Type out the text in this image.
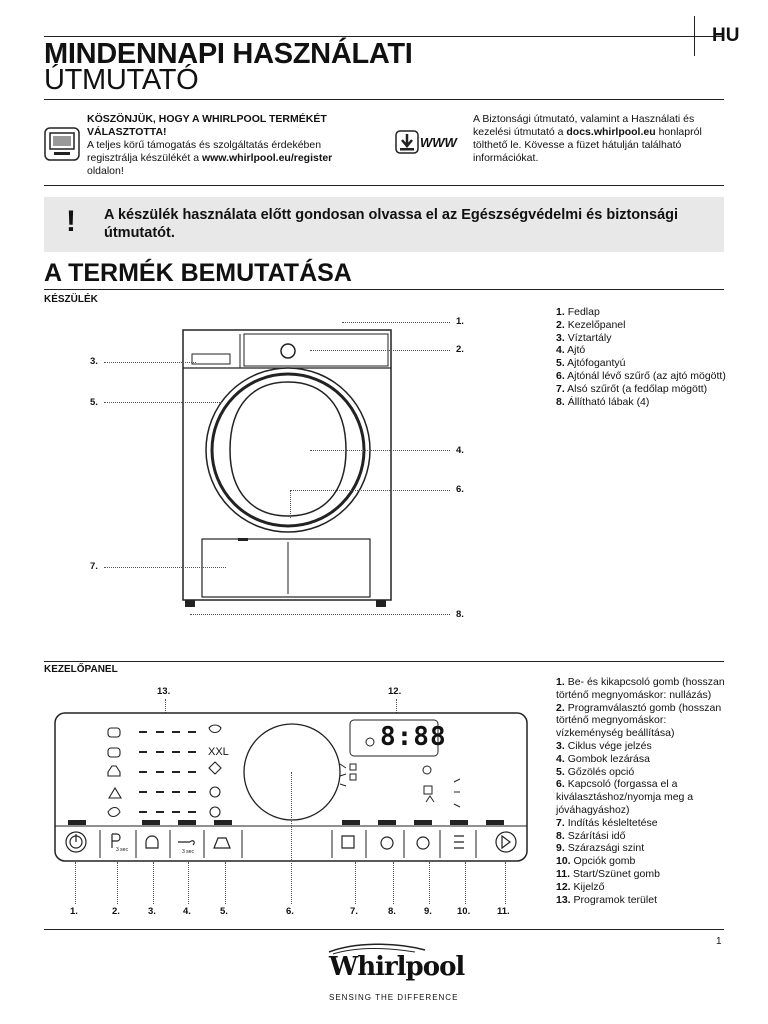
HU
MINDENNAPI HASZNÁLATI
ÚTMUTATÓ
KÖSZÖNJÜK, HOGY A WHIRLPOOL TERMÉKÉT VÁLASZTOTTA!
A teljes körű támogatás és szolgáltatás érdekében regisztrálja készülékét a www.whirlpool.eu/register oldalon!
WWW
A Biztonsági útmutató, valamint a Használati és kezelési útmutató a docs.whirlpool.eu honlapról tölthető le. Kövesse a füzet hátulján található információkat.
! A készülék használata előtt gondosan olvassa el az Egészségvédelmi és biztonsági útmutatót.
A TERMÉK BEMUTATÁSA
KÉSZÜLÉK
1.
2.
3.
5.
4.
6.
7.
8.
1. Fedlap
2. Kezelőpanel
3. Víztartály
4. Ajtó
5. Ajtófogantyú
6. Ajtónál lévő szűrő (az ajtó mögött)
7. Alsó szűrőt (a fedőlap mögött)
8. Állítható lábak (4)
KEZELŐPANEL
13.	12.
8:88
XXL
3 sec	3 sec
1.	2.	3.	4.	5.	6.	7.	8.	9.	10.	11.
1. Be- és kikapcsoló gomb (hosszan történő megnyomáskor: nullázás)
2. Programválasztó gomb (hosszan történő megnyomáskor: vízkeménység beállítása)
3. Ciklus vége jelzés
4. Gombok lezárása
5. Gőzölés opció
6. Kapcsoló (forgassa el a kiválasztáshoz/nyomja meg a jóváhagyáshoz)
7. Indítás késleltetése
8. Szárítási idő
9. Szárazsági szint
10. Opciók gomb
11. Start/Szünet gomb
12. Kijelző
13. Programok terület
1
Whirlpool
SENSING THE DIFFERENCE
